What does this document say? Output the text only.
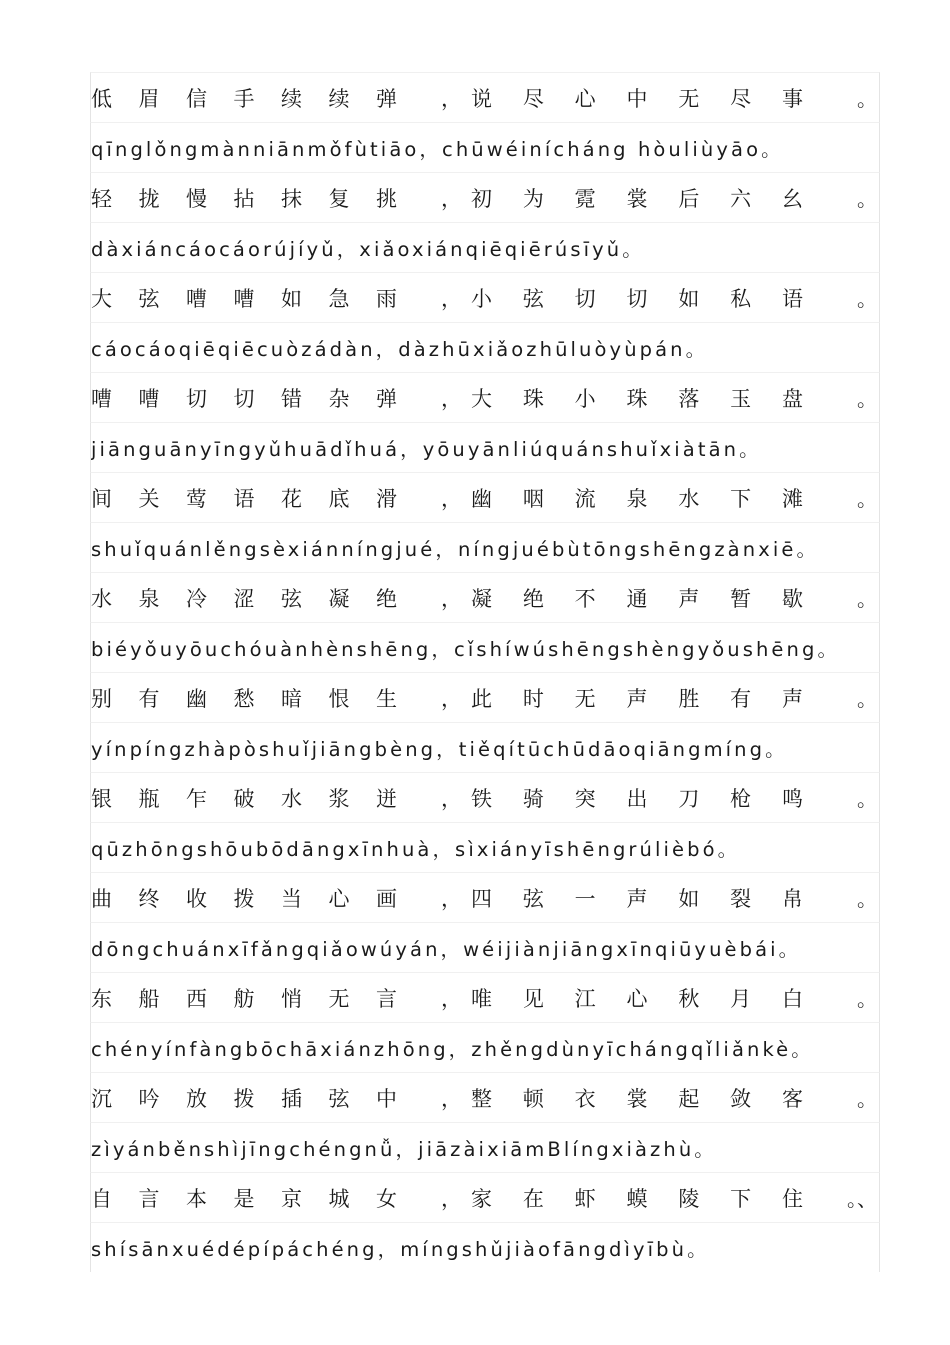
低 眉 信 手 续 续 弹	， 说 尽 心 中 无 尽 事	。
qīnglǒngmànniānmǒfùtiāo，chūwéinícháng hòuliùyāo。
轻 拢 慢 拈 抹 复 挑	， 初 为 霓 裳 后 六 幺	。
dàxiáncáocáorújíyǔ，xiǎoxiánqiēqiērúsīyǔ。
大 弦 嘈 嘈 如 急 雨	， 小 弦 切 切 如 私 语	。
cáocáoqiēqiēcuòzádàn，dàzhūxiǎozhūluòyùpán。
嘈 嘈 切 切 错 杂 弹	， 大 珠 小 珠 落 玉 盘	。
jiānguānyīngyǔhuādǐhuá，yōuyānliúquánshuǐxiàtān。
间 关 莺 语 花 底 滑	， 幽 咽 流 泉 水 下 滩	。
shuǐquánlěngsèxiánníngjué，níngjuébùtōngshēngzànxiē。
水 泉 冷 涩 弦 凝 绝	， 凝 绝 不 通 声 暂 歇	。
biéyǒuyōuchóuànhènshēng，cǐshíwúshēngshèngyǒushēng。
别 有 幽 愁 暗 恨 生	， 此 时 无 声 胜 有 声	。
yínpíngzhàpòshuǐjiāngbèng，tiěqítūchūdāoqiāngmíng。
银 瓶 乍 破 水 浆 迸	， 铁 骑 突 出 刀 枪 鸣	。
qūzhōngshōubōdāngxīnhuà，sìxiányīshēngrúlièbó。
曲 终 收 拨 当 心 画	， 四 弦 一 声 如 裂 帛	。
dōngchuánxīfǎngqiǎowúyán，wéijiànjiāngxīnqiūyuèbái。
东 船 西 舫 悄 无 言	， 唯 见 江 心 秋 月 白	。
chényínfàngbōchāxiánzhōng，zhěngdùnyīchángqǐliǎnkè。
沉 吟 放 拨 插 弦 中	， 整 顿 衣 裳 起 敛 客	。
zìyánběnshìjīngchéngnǚ，jiāzàixiāmBlíngxiàzhù。
自 言 本 是 京 城 女	， 家 在 虾 蟆 陵 下 住 。、
shísānxuédépípáchéng，míngshǔjiàofāngdìyībù。
